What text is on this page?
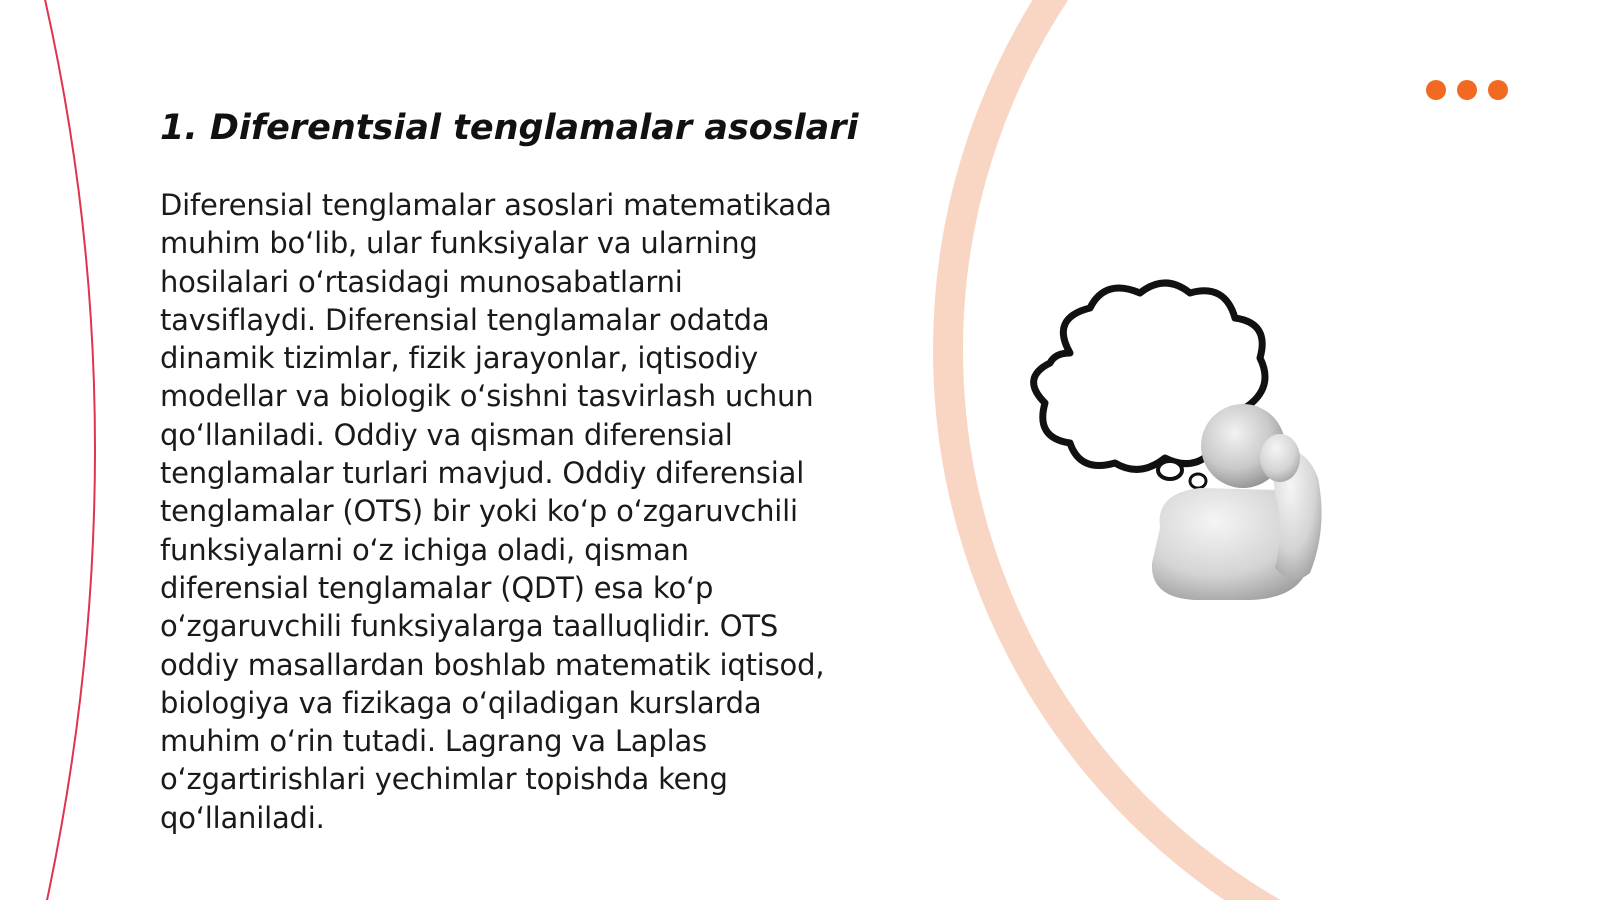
1. Diferentsial tenglamalar asoslari

Diferensial tenglamalar asoslari matematikada muhim bo‘lib, ular funksiyalar va ularning hosilalari o‘rtasidagi munosabatlarni tavsiflaydi. Diferensial tenglamalar odatda dinamik tizimlar, fizik jarayonlar, iqtisodiy modellar va biologik o‘sishni tasvirlash uchun qo‘llaniladi. Oddiy va qisman diferensial tenglamalar turlari mavjud. Oddiy diferensial tenglamalar (OTS) bir yoki ko‘p o‘zgaruvchili funksiyalarni o‘z ichiga oladi, qisman diferensial tenglamalar (QDT) esa ko‘p o‘zgaruvchili funksiyalarga taalluqlidir. OTS oddiy masallardan boshlab matematik iqtisod, biologiya va fizikaga o‘qiladigan kurslarda muhim o‘rin tutadi. Lagrang va Laplas o‘zgartirishlari yechimlar topishda keng qo‘llaniladi.
